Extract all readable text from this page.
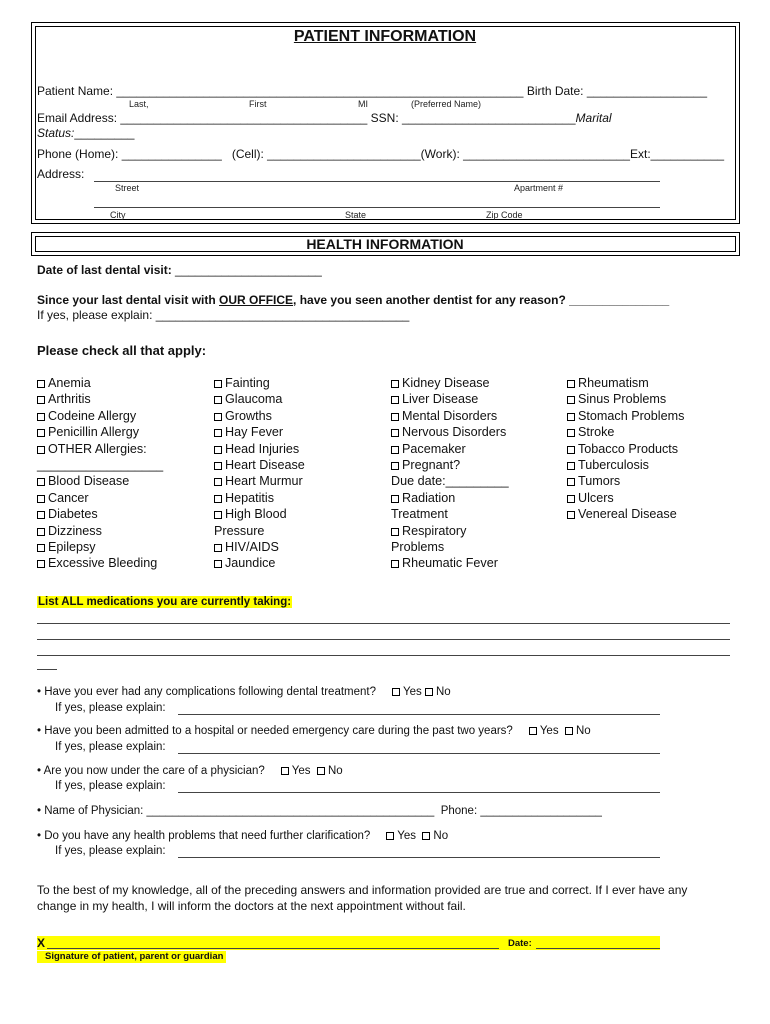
PATIENT INFORMATION
Patient Name: _____________________________________________________________ Birth Date: __________________
Last,	First	MI	(Preferred Name)
Email Address: _____________________________________ SSN: __________________________Marital
Status:_________
Phone (Home): _______________ (Cell): _______________________(Work): _________________________Ext:___________
Address:
Street	Apartment #
City	State	Zip Code
HEALTH INFORMATION
Date of last dental visit: ______________________
Since your last dental visit with OUR OFFICE, have you seen another dentist for any reason? _______________
If yes, please explain: ______________________________________
Please check all that apply:
Anemia
Arthritis
Codeine Allergy
Penicillin Allergy
OTHER Allergies:
__________________
Blood Disease
Cancer
Diabetes
Dizziness
Epilepsy
Excessive Bleeding
Fainting
Glaucoma
Growths
Hay Fever
Head Injuries
Heart Disease
Heart Murmur
Hepatitis
High Blood
Pressure
HIV/AIDS
Jaundice
Kidney Disease
Liver Disease
Mental Disorders
Nervous Disorders
Pacemaker
Pregnant?
Due date:_________
Radiation
Treatment
Respiratory
Problems
Rheumatic Fever
Rheumatism
Sinus Problems
Stomach Problems
Stroke
Tobacco Products
Tuberculosis
Tumors
Ulcers
Venereal Disease
List ALL medications you are currently taking:
• Have you ever had any complications following dental treatment? Yes No
If yes, please explain:
• Have you been admitted to a hospital or needed emergency care during the past two years? Yes No
If yes, please explain:
• Are you now under the care of a physician? Yes No
If yes, please explain:
• Name of Physician: _____________________________________________ Phone: ___________________
• Do you have any health problems that need further clarification? Yes No
If yes, please explain:
To the best of my knowledge, all of the preceding answers and information provided are true and correct. If I ever have any
change in my health, I will inform the doctors at the next appointment without fail.
X	Date:
Signature of patient, parent or guardian
